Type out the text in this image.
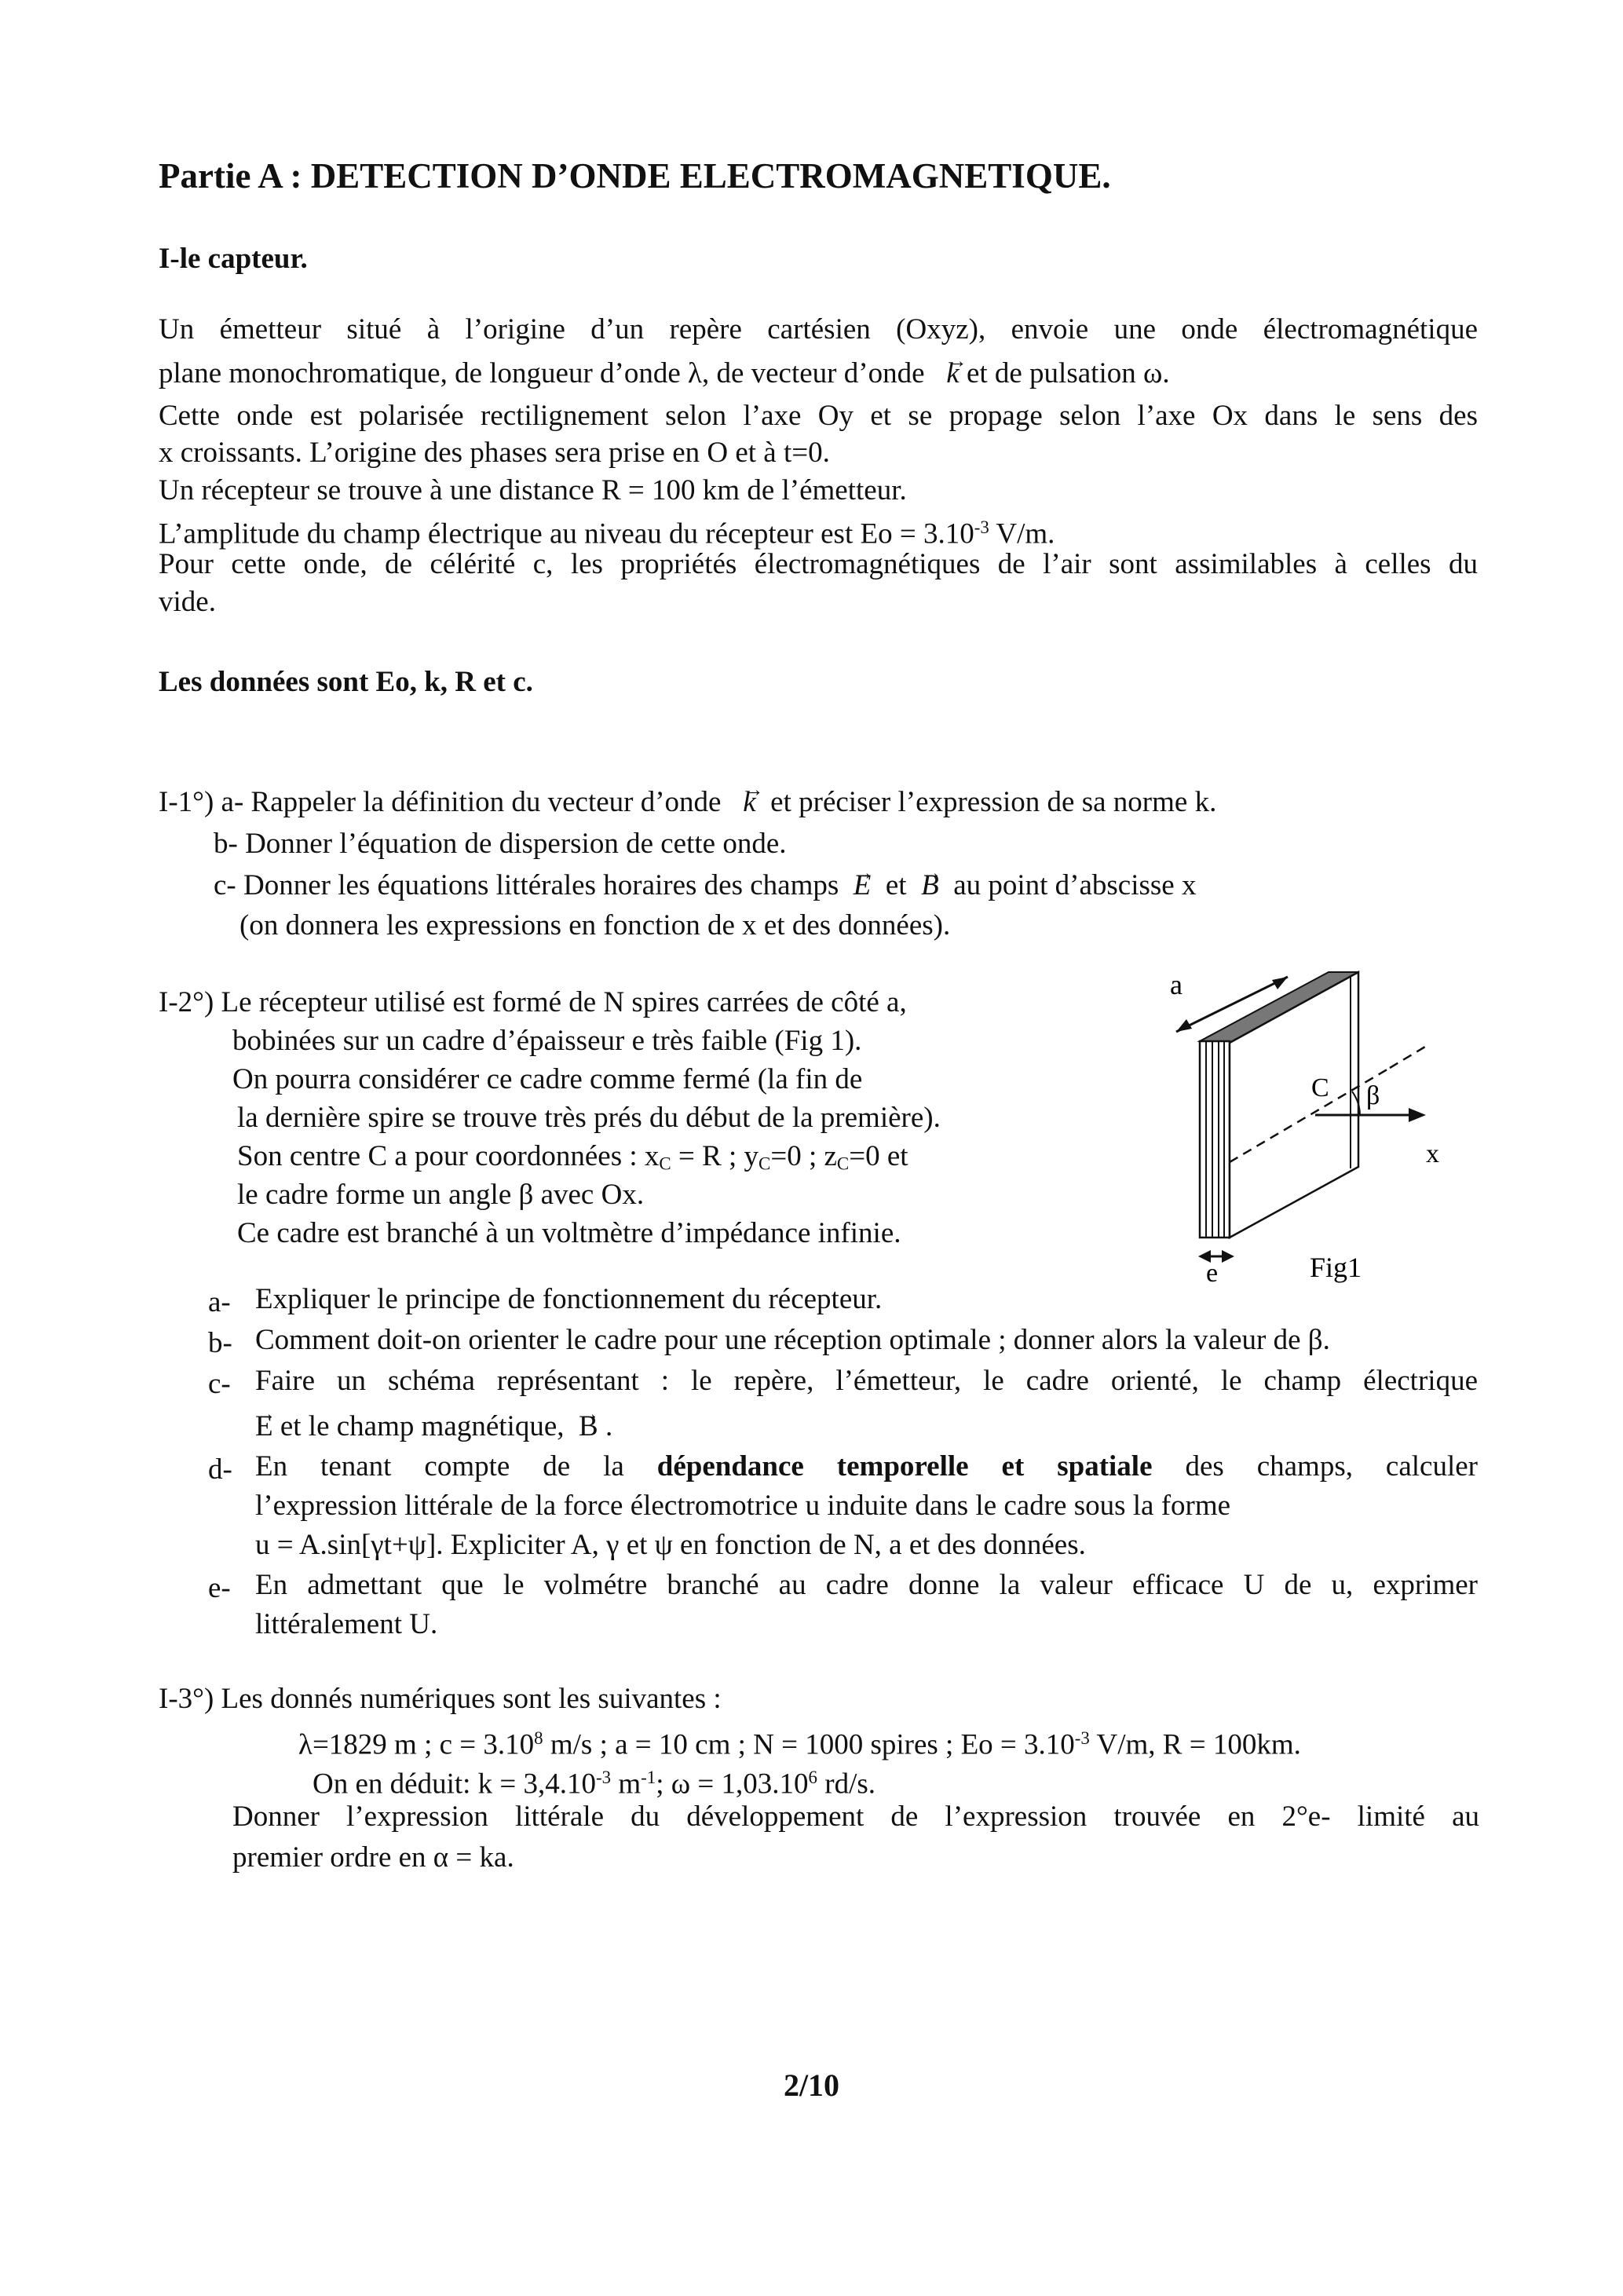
Partie A : DETECTION D’ONDE ELECTROMAGNETIQUE.
I-le capteur.
Un émetteur situé à l’origine d’un repère cartésien (Oxyz), envoie une onde électromagnétique
plane monochromatique, de longueur d’onde λ, de vecteur d’onde → k et de pulsation ω.
Cette onde est polarisée rectilignement selon l’axe Oy et se propage selon l’axe Ox dans le sens des
x croissants. L’origine des phases sera prise en O et à t=0.
Un récepteur se trouve à une distance R = 100 km de l’émetteur.
L’amplitude du champ électrique au niveau du récepteur est $Eo = 3.10^{-3}$ V/m.
Pour cette onde, de célérité c, les propriétés électromagnétiques de l’air sont assimilables à celles du
vide.
Les données sont Eo, k, R et c.
I-1°) a- Rappeler la définition du vecteur d’onde → k et préciser l’expression de sa norme k.
b- Donner l’équation de dispersion de cette onde.
c- Donner les équations littérales horaires des champs → E et → B au point d’abscisse x
(on donnera les expressions en fonction de x et des données).
I-2°) Le récepteur utilisé est formé de N spires carrées de côté a,
bobinées sur un cadre d’épaisseur e très faible (Fig 1).
On pourra considérer ce cadre comme fermé (la fin de
la dernière spire se trouve très prés du début de la première).
Son centre C a pour coordonnées : $x_C = R$ ; $y_C=0$ ; $z_C=0$ et
le cadre forme un angle β avec Ox.
Ce cadre est branché à un voltmètre d’impédance infinie.
a
β
C
x
e	Fig1
a- Expliquer le principe de fonctionnement du récepteur.
b- Comment doit-on orienter le cadre pour une réception optimale ; donner alors la valeur de β.
c- Faire un schéma représentant : le repère, l’émetteur, le cadre orienté, le champ électrique
→ E et le champ magnétique, → B .
d- En tenant compte de la dépendance temporelle et spatiale des champs, calculer
l’expression littérale de la force électromotrice u induite dans le cadre sous la forme
u = A.sin[γt+ψ]. Expliciter A, γ et ψ en fonction de N, a et des données.
e- En admettant que le volmétre branché au cadre donne la valeur efficace U de u, exprimer
littéralement U.
I-3°) Les donnés numériques sont les suivantes :
λ=1829 m ; $c = 3.10^8$ m/s ; a = 10 cm ; N = 1000 spires ; $Eo = 3.10^{-3}$ V/m, R = 100km.
On en déduit: $k = 3,4.10^{-3}$ $m^{-1}$; $\omega = 1,03.10^6$ rd/s.
Donner l’expression littérale du développement de l’expression trouvée en 2°e- limité au
premier ordre en α = ka.
2/10
